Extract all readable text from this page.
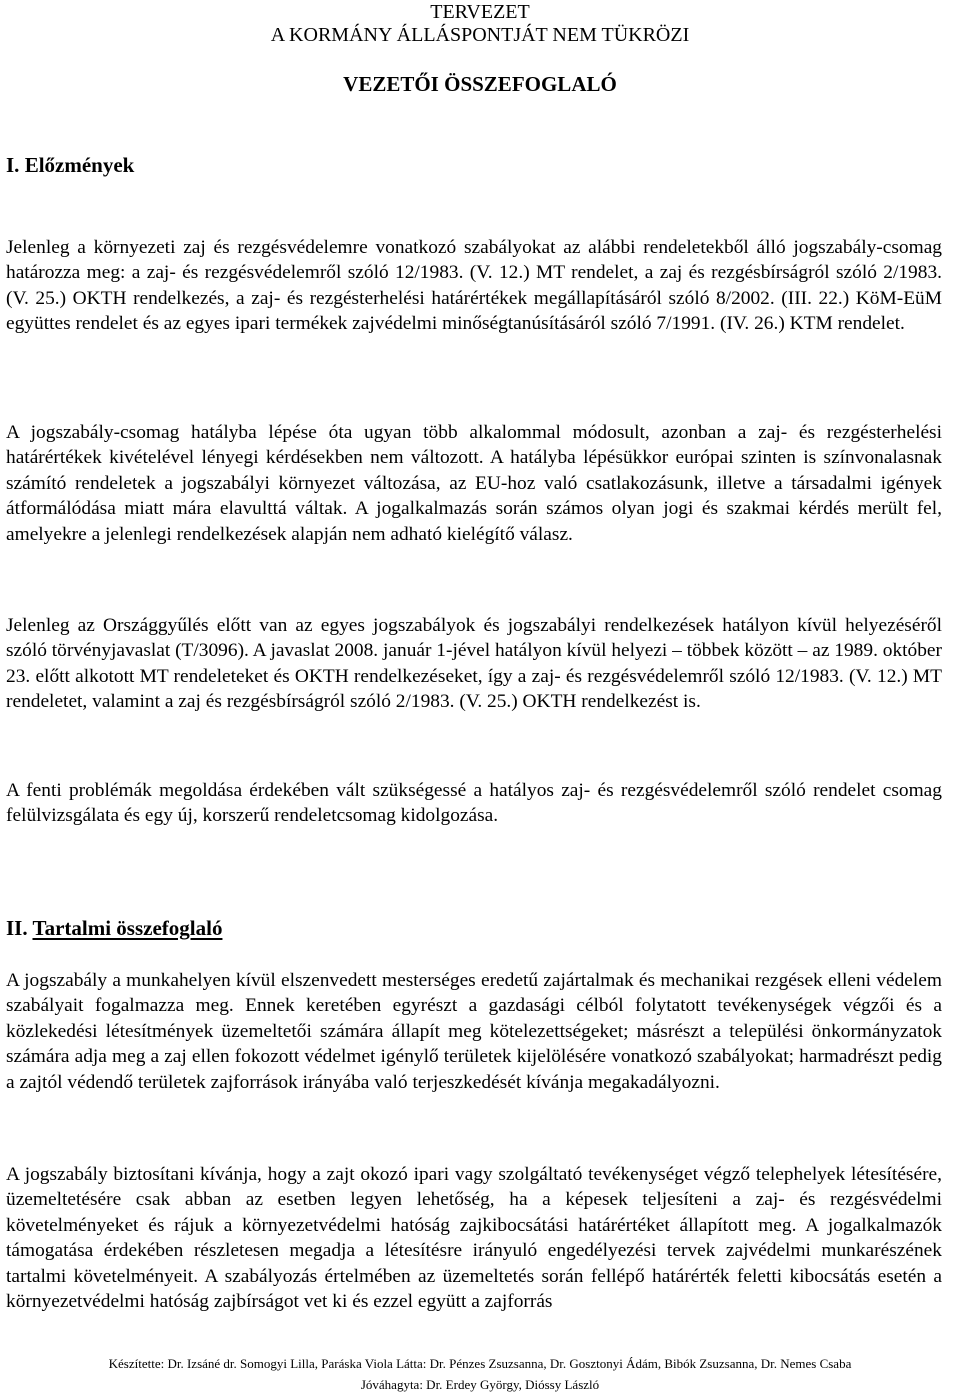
TERVEZET
A KORMÁNY ÁLLÁSPONTJÁT NEM TÜKRÖZI
VEZETŐI ÖSSZEFOGLALÓ
I. Előzmények

Jelenleg a környezeti zaj és rezgésvédelemre vonatkozó szabályokat az alábbi rendeletekből álló jogszabály-csomag határozza meg: a zaj- és rezgésvédelemről szóló 12/1983. (V. 12.) MT rendelet, a zaj és rezgésbírságról szóló 2/1983. (V. 25.) OKTH rendelkezés, a zaj- és rezgésterhelési határértékek megállapításáról szóló 8/2002. (III. 22.) KöM-EüM együttes rendelet és az egyes ipari termékek zajvédelmi minőségtanúsításáról szóló 7/1991. (IV. 26.) KTM rendelet.

A jogszabály-csomag hatályba lépése óta ugyan több alkalommal módosult, azonban a zaj- és rezgésterhelési határértékek kivételével lényegi kérdésekben nem változott. A hatályba lépésükkor európai szinten is színvonalasnak számító rendeletek a jogszabályi környezet változása, az EU-hoz való csatlakozásunk, illetve a társadalmi igények átformálódása miatt mára elavulttá váltak. A jogalkalmazás során számos olyan jogi és szakmai kérdés merült fel, amelyekre a jelenlegi rendelkezések alapján nem adható kielégítő válasz.

Jelenleg az Országgyűlés előtt van az egyes jogszabályok és jogszabályi rendelkezések hatályon kívül helyezéséről szóló törvényjavaslat (T/3096). A javaslat 2008. január 1-jével hatályon kívül helyezi – többek között – az 1989. október 23. előtt alkotott MT rendeleteket és OKTH rendelkezéseket, így a zaj- és rezgésvédelemről szóló 12/1983. (V. 12.) MT rendeletet, valamint a zaj és rezgésbírságról szóló 2/1983. (V. 25.) OKTH rendelkezést is.

A fenti problémák megoldása érdekében vált szükségessé a hatályos zaj- és rezgésvédelemről szóló rendelet csomag felülvizsgálata és egy új, korszerű rendeletcsomag kidolgozása.

II. Tartalmi összefoglaló

A jogszabály a munkahelyen kívül elszenvedett mesterséges eredetű zajártalmak és mechanikai rezgések elleni védelem szabályait fogalmazza meg. Ennek keretében egyrészt a gazdasági célból folytatott tevékenységek végzői és a közlekedési létesítmények üzemeltetői számára állapít meg kötelezettségeket; másrészt a települési önkormányzatok számára adja meg a zaj ellen fokozott védelmet igénylő területek kijelölésére vonatkozó szabályokat; harmadrészt pedig a zajtól védendő területek zajforrások irányába való terjeszkedését kívánja megakadályozni.

A jogszabály biztosítani kívánja, hogy a zajt okozó ipari vagy szolgáltató tevékenységet végző telephelyek létesítésére, üzemeltetésére csak abban az esetben legyen lehetőség, ha a képesek teljesíteni a zaj- és rezgésvédelmi követelményeket és rájuk a környezetvédelmi hatóság zajkibocsátási határértéket állapított meg. A jogalkalmazók támogatása érdekében részletesen megadja a létesítésre irányuló engedélyezési tervek zajvédelmi munkarészének tartalmi követelményeit. A szabályozás értelmében az üzemeltetés során fellépő határérték feletti kibocsátás esetén a környezetvédelmi hatóság zajbírságot vet ki és ezzel együtt a zajforrás

Készítette: Dr. Izsáné dr. Somogyi Lilla, Paráska Viola Látta: Dr. Pénzes Zsuzsanna, Dr. Gosztonyi Ádám, Bibók Zsuzsanna, Dr. Nemes Csaba
Jóváhagyta: Dr. Erdey György, Dióssy László
